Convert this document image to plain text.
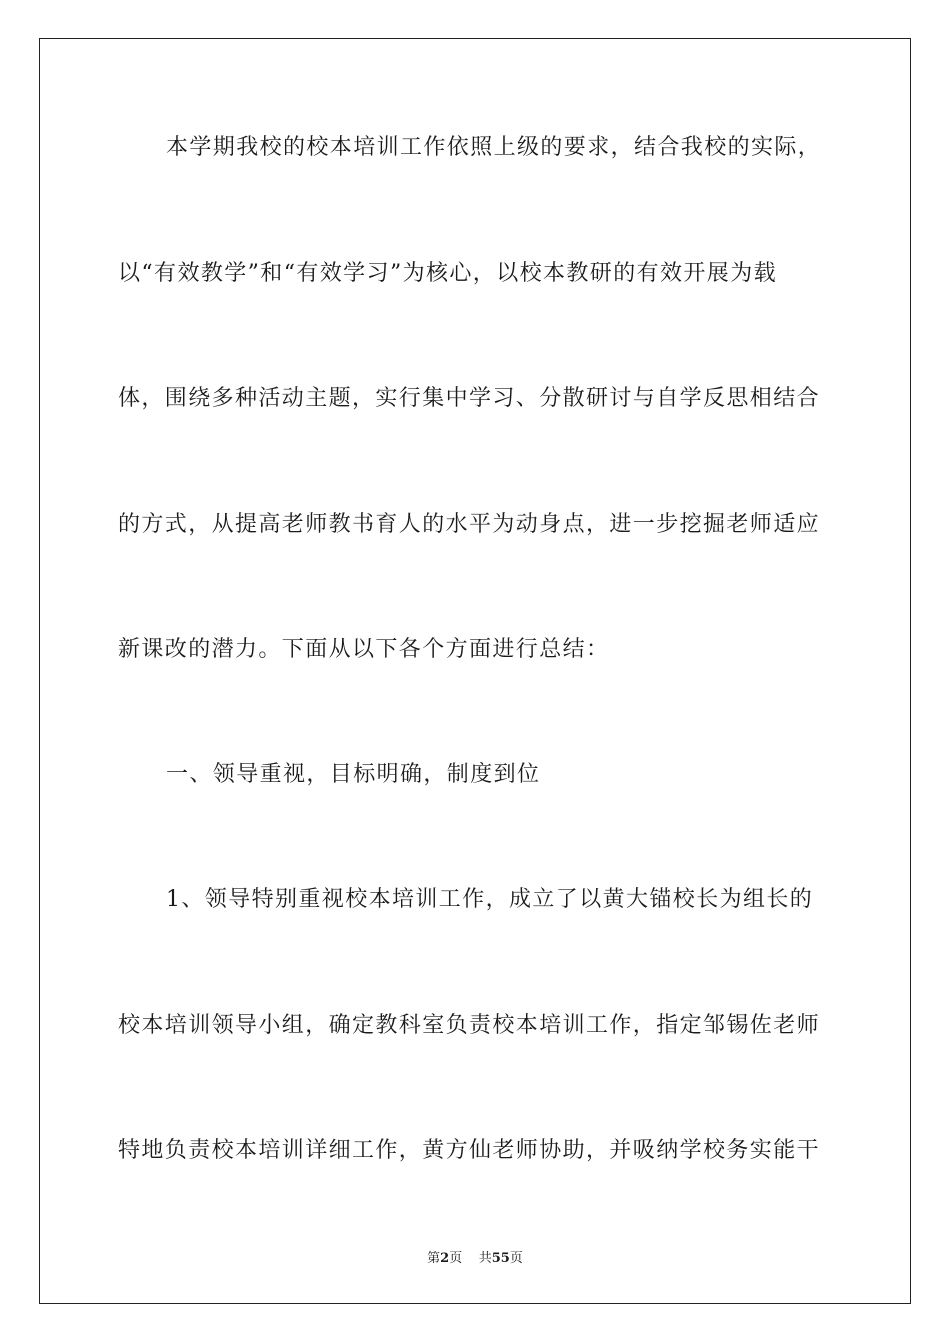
本学期我校的校本培训工作依照上级的要求，结合我校的实际，
以“有效教学”和“有效学习”为核心，以校本教研的有效开展为载
体，围绕多种活动主题，实行集中学习、分散研讨与自学反思相结合
的方式，从提高老师教书育人的水平为动身点，进一步挖掘老师适应
新课改的潜力。下面从以下各个方面进行总结：
一、领导重视，目标明确，制度到位
1、领导特别重视校本培训工作，成立了以黄大锚校长为组长的
校本培训领导小组，确定教科室负责校本培训工作，指定邹锡佐老师
特地负责校本培训详细工作，黄方仙老师协助，并吸纳学校务实能干
第2页 共55页
